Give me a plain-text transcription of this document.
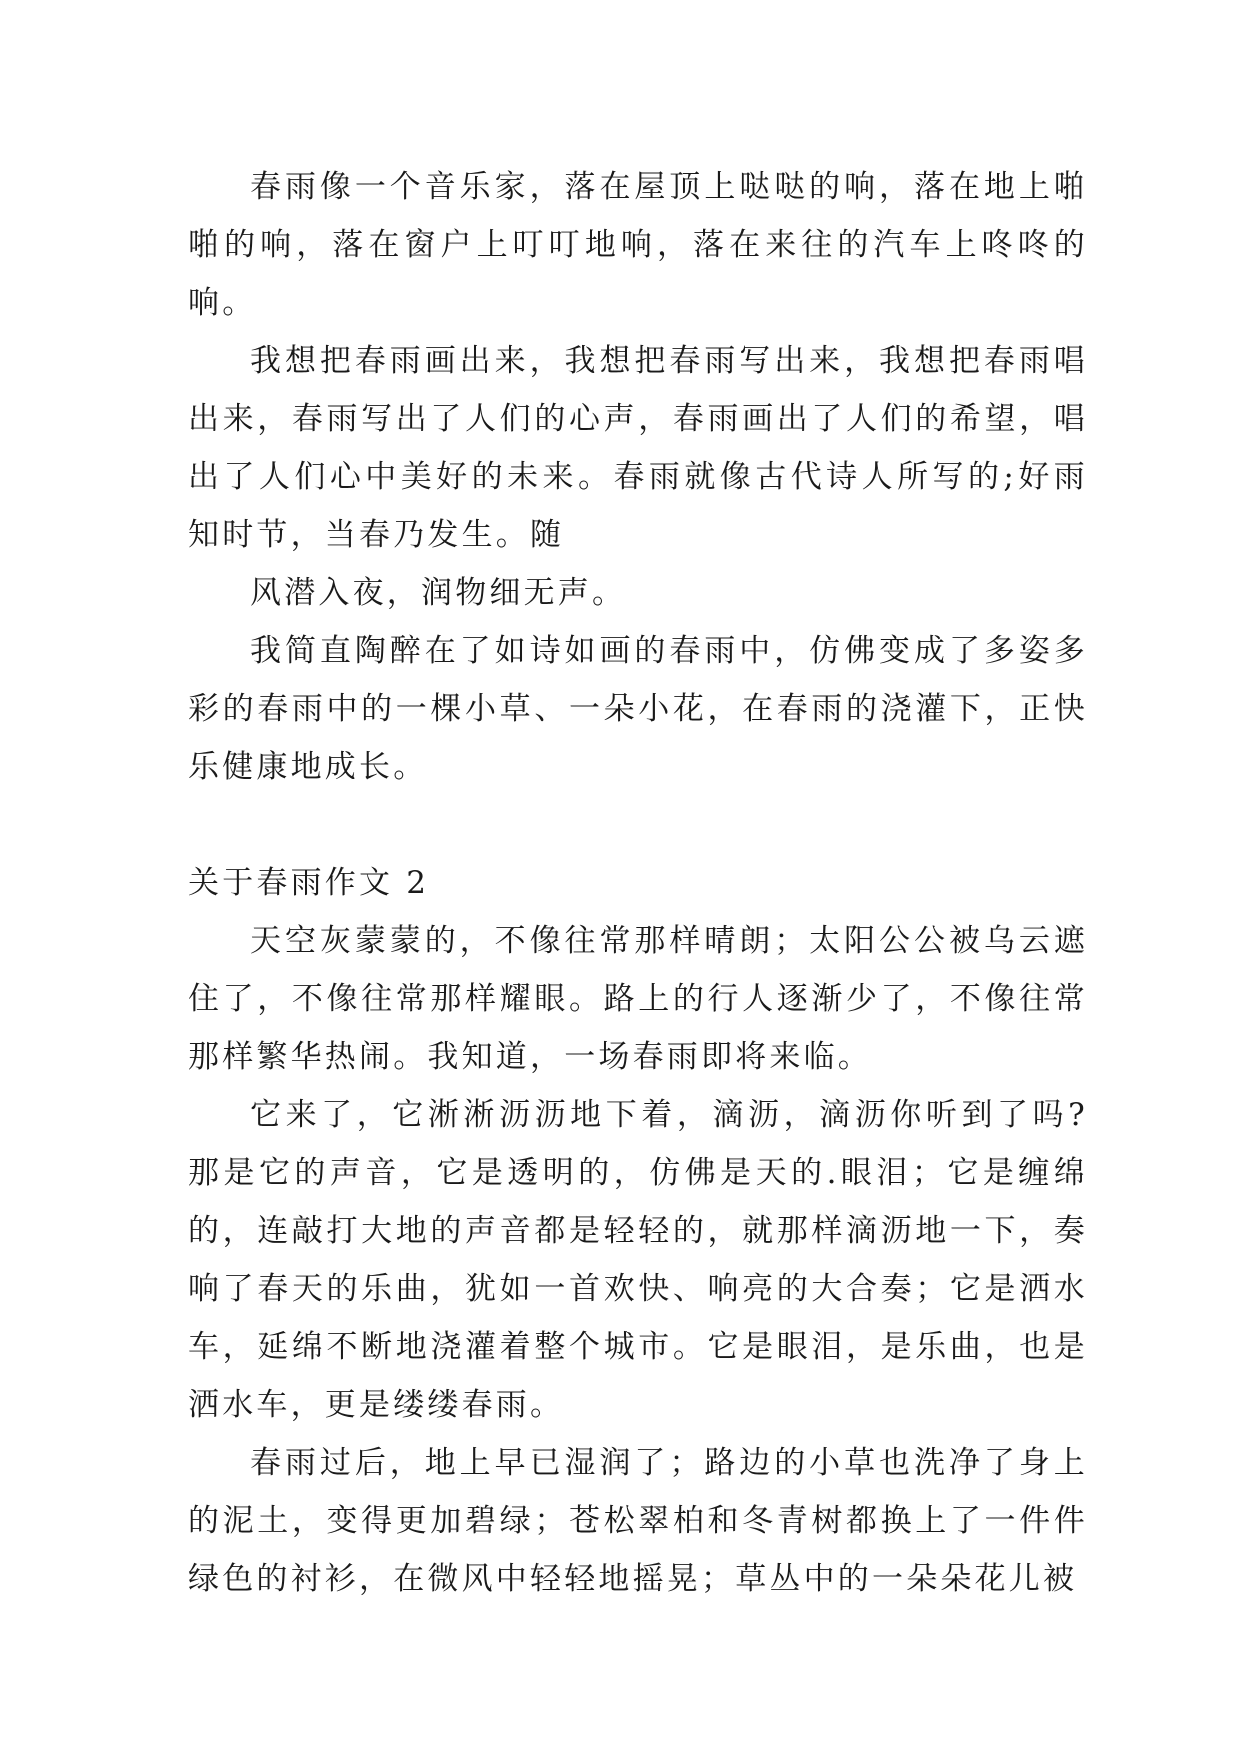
春雨像一个音乐家，落在屋顶上哒哒的响，落在地上啪啪的响，落在窗户上叮叮地响，落在来往的汽车上咚咚的响。

我想把春雨画出来，我想把春雨写出来，我想把春雨唱出来，春雨写出了人们的心声，春雨画出了人们的希望，唱出了人们心中美好的未来。春雨就像古代诗人所写的;好雨知时节，当春乃发生。随

风潜入夜，润物细无声。

我简直陶醉在了如诗如画的春雨中，仿佛变成了多姿多彩的春雨中的一棵小草、一朵小花，在春雨的浇灌下，正快乐健康地成长。

关于春雨作文 2

天空灰蒙蒙的，不像往常那样晴朗；太阳公公被乌云遮住了，不像往常那样耀眼。路上的行人逐渐少了，不像往常那样繁华热闹。我知道，一场春雨即将来临。

它来了，它淅淅沥沥地下着，滴沥，滴沥你听到了吗?那是它的声音，它是透明的，仿佛是天的.眼泪；它是缠绵的，连敲打大地的声音都是轻轻的，就那样滴沥地一下，奏响了春天的乐曲，犹如一首欢快、响亮的大合奏；它是洒水车，延绵不断地浇灌着整个城市。它是眼泪，是乐曲，也是洒水车，更是缕缕春雨。

春雨过后，地上早已湿润了；路边的小草也洗净了身上的泥土，变得更加碧绿；苍松翠柏和冬青树都换上了一件件绿色的衬衫，在微风中轻轻地摇晃；草丛中的一朵朵花儿被
